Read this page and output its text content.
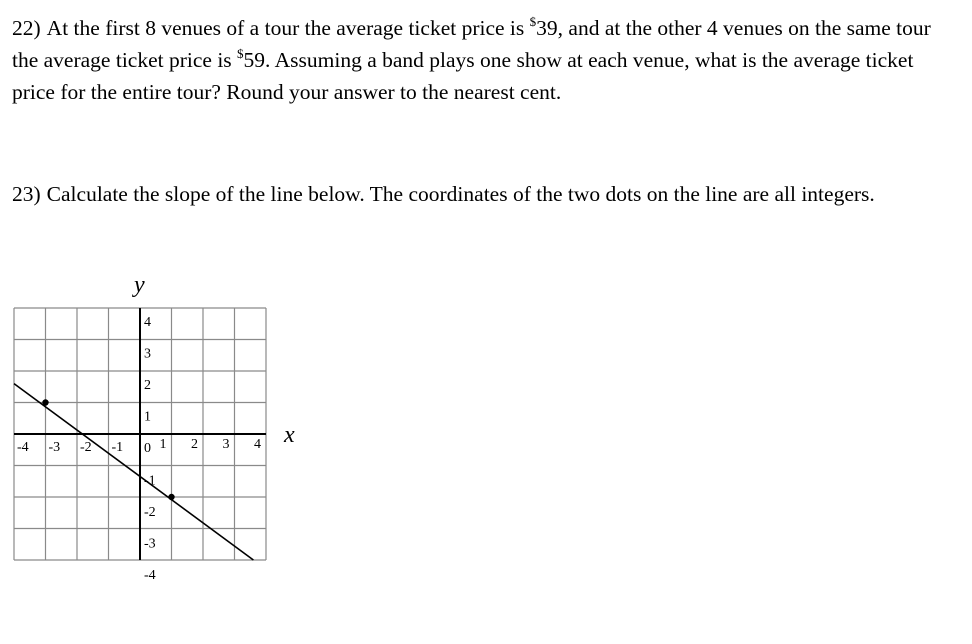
22) At the first 8 venues of a tour the average ticket price is $39, and at the other 4 venues on the same tour the average ticket price is $59. Assuming a band plays one show at each venue, what is the average ticket price for the entire tour? Round your answer to the nearest cent.
23) Calculate the slope of the line below. The coordinates of the two dots on the line are all integers.
-4 -3 -2 -1	1 2 3 4
4
3
2
1
0
-1
-2
-3
-4
x
y
